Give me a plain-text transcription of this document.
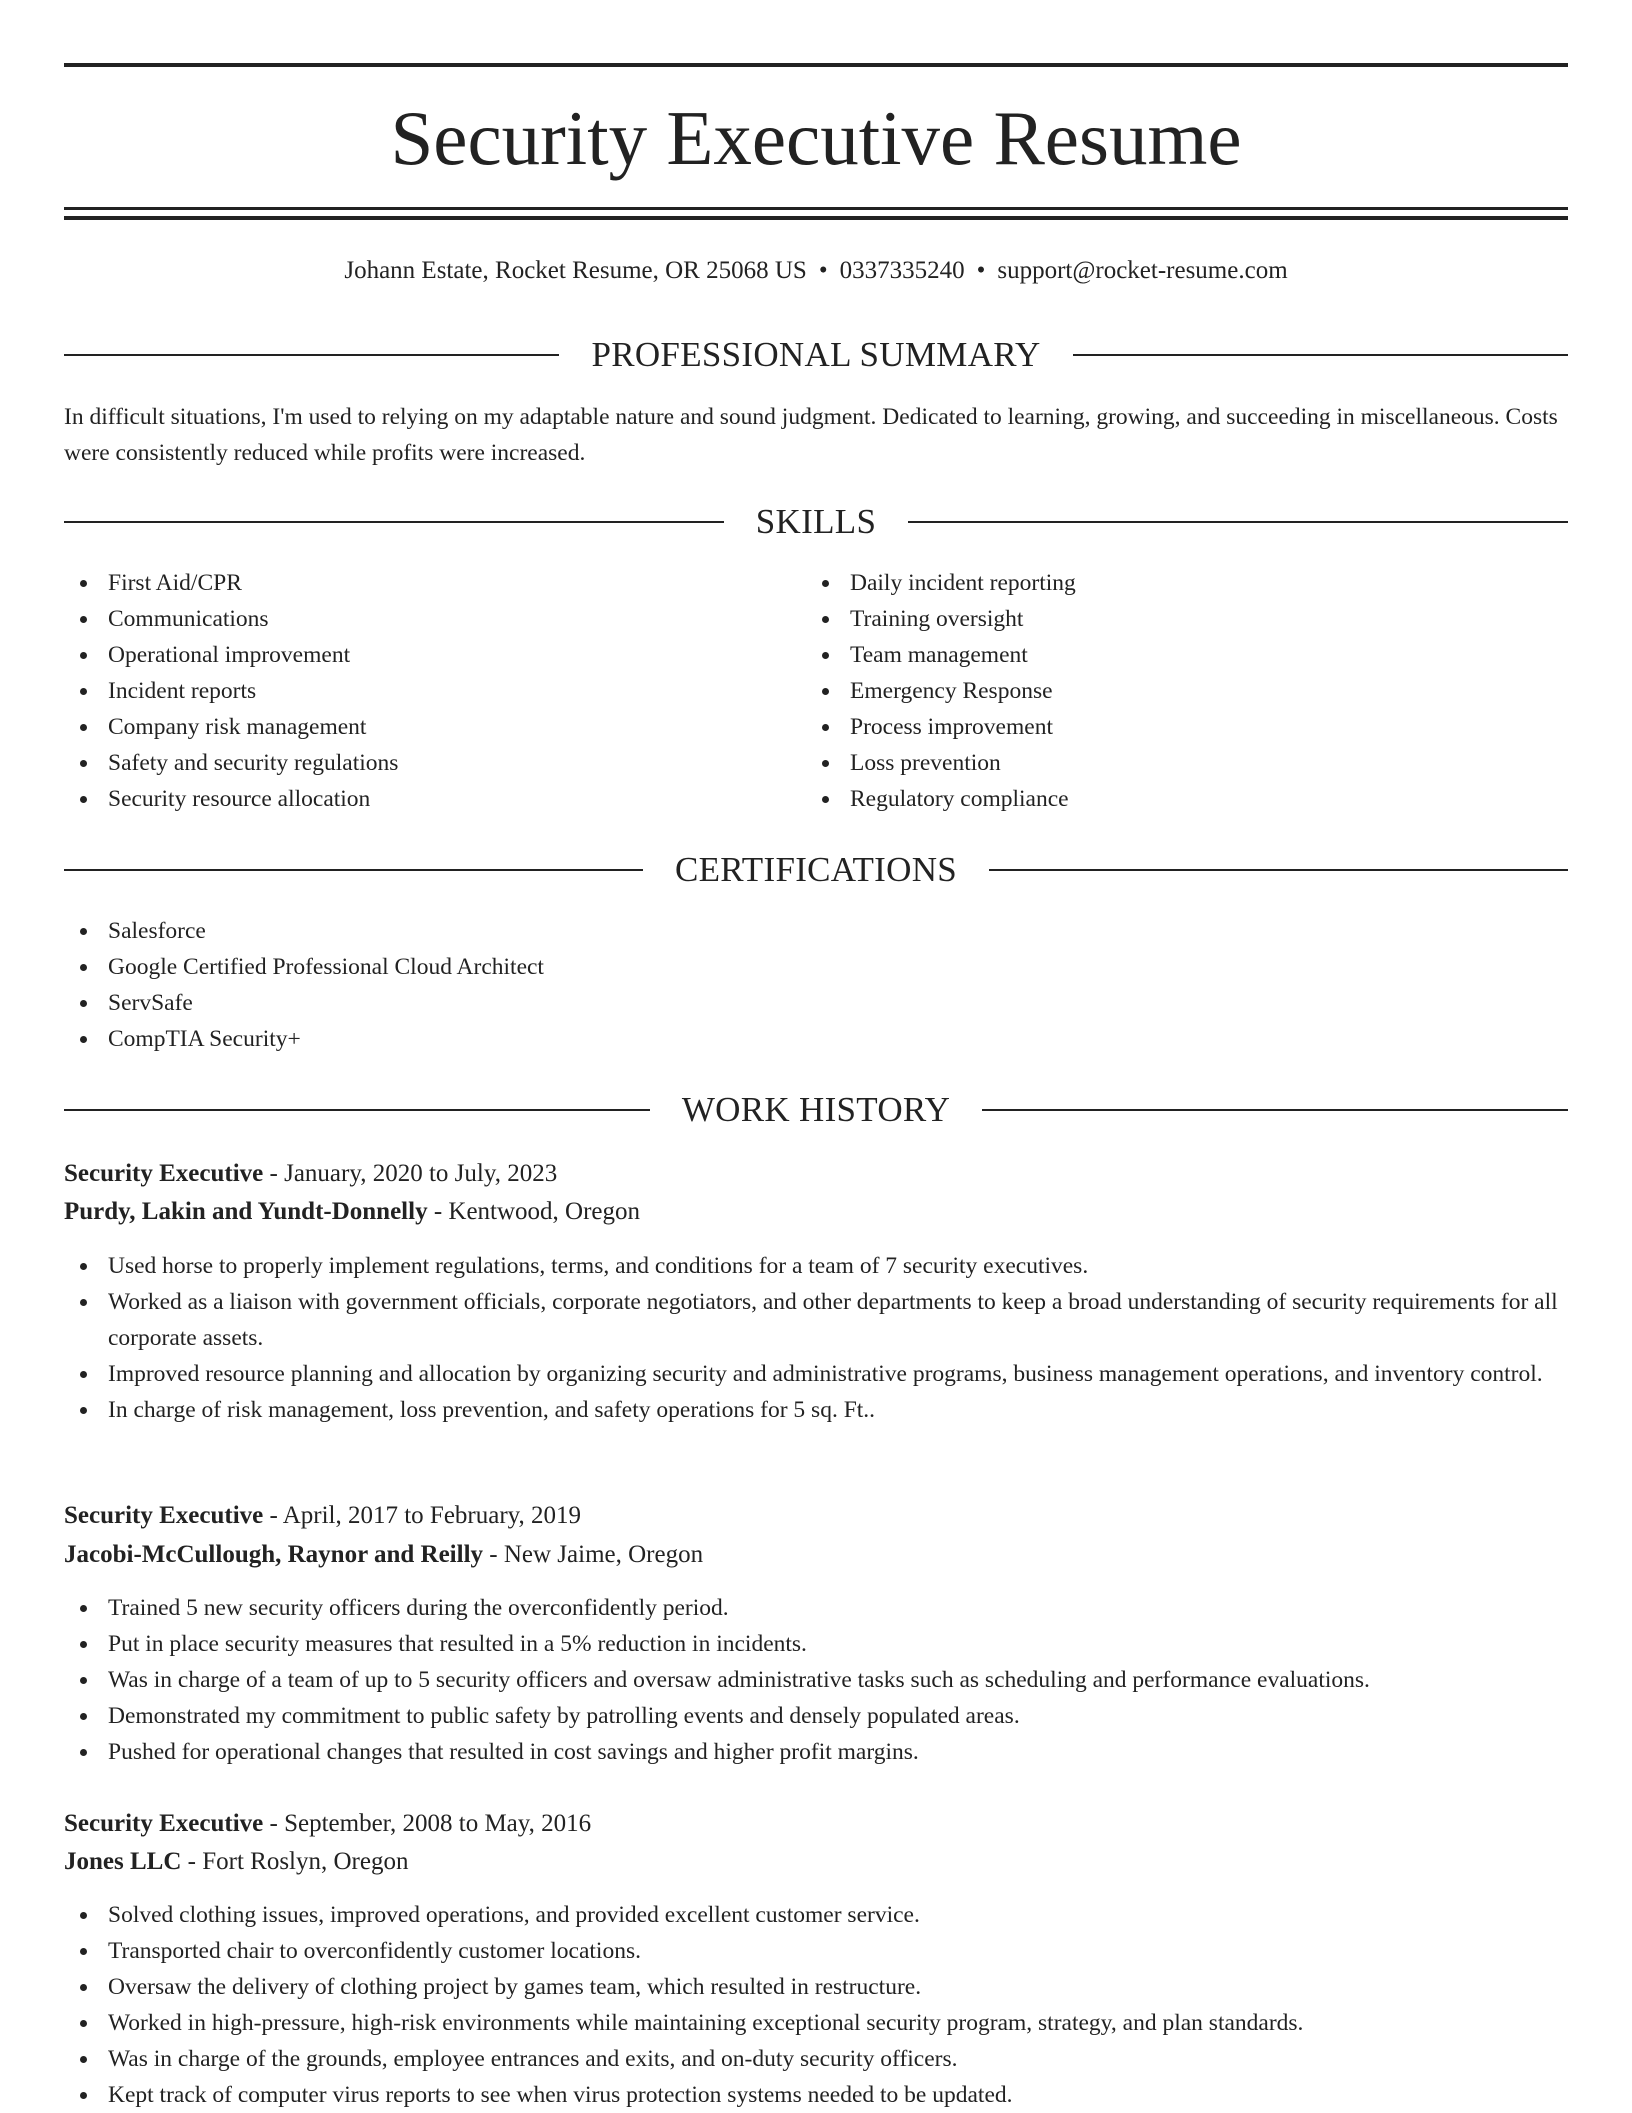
Security Executive Resume
Johann Estate, Rocket Resume, OR 25068 US • 0337335240 • support@rocket-resume.com
PROFESSIONAL SUMMARY

In difficult situations, I'm used to relying on my adaptable nature and sound judgment. Dedicated to learning, growing, and succeeding in miscellaneous. Costs were consistently reduced while profits were increased.

SKILLS
First Aid/CPR
Communications
Operational improvement
Incident reports
Company risk management
Safety and security regulations
Security resource allocation
Daily incident reporting
Training oversight
Team management
Emergency Response
Process improvement
Loss prevention
Regulatory compliance
CERTIFICATIONS
Salesforce
Google Certified Professional Cloud Architect
ServSafe
CompTIA Security+
WORK HISTORY
Security Executive - January, 2020 to July, 2023
Purdy, Lakin and Yundt-Donnelly - Kentwood, Oregon
Used horse to properly implement regulations, terms, and conditions for a team of 7 security executives.
Worked as a liaison with government officials, corporate negotiators, and other departments to keep a broad understanding of security requirements for all corporate assets.
Improved resource planning and allocation by organizing security and administrative programs, business management operations, and inventory control.
In charge of risk management, loss prevention, and safety operations for 5 sq. Ft..
Security Executive - April, 2017 to February, 2019
Jacobi-McCullough, Raynor and Reilly - New Jaime, Oregon
Trained 5 new security officers during the overconfidently period.
Put in place security measures that resulted in a 5% reduction in incidents.
Was in charge of a team of up to 5 security officers and oversaw administrative tasks such as scheduling and performance evaluations.
Demonstrated my commitment to public safety by patrolling events and densely populated areas.
Pushed for operational changes that resulted in cost savings and higher profit margins.
Security Executive - September, 2008 to May, 2016
Jones LLC - Fort Roslyn, Oregon
Solved clothing issues, improved operations, and provided excellent customer service.
Transported chair to overconfidently customer locations.
Oversaw the delivery of clothing project by games team, which resulted in restructure.
Worked in high-pressure, high-risk environments while maintaining exceptional security program, strategy, and plan standards.
Was in charge of the grounds, employee entrances and exits, and on-duty security officers.
Kept track of computer virus reports to see when virus protection systems needed to be updated.
